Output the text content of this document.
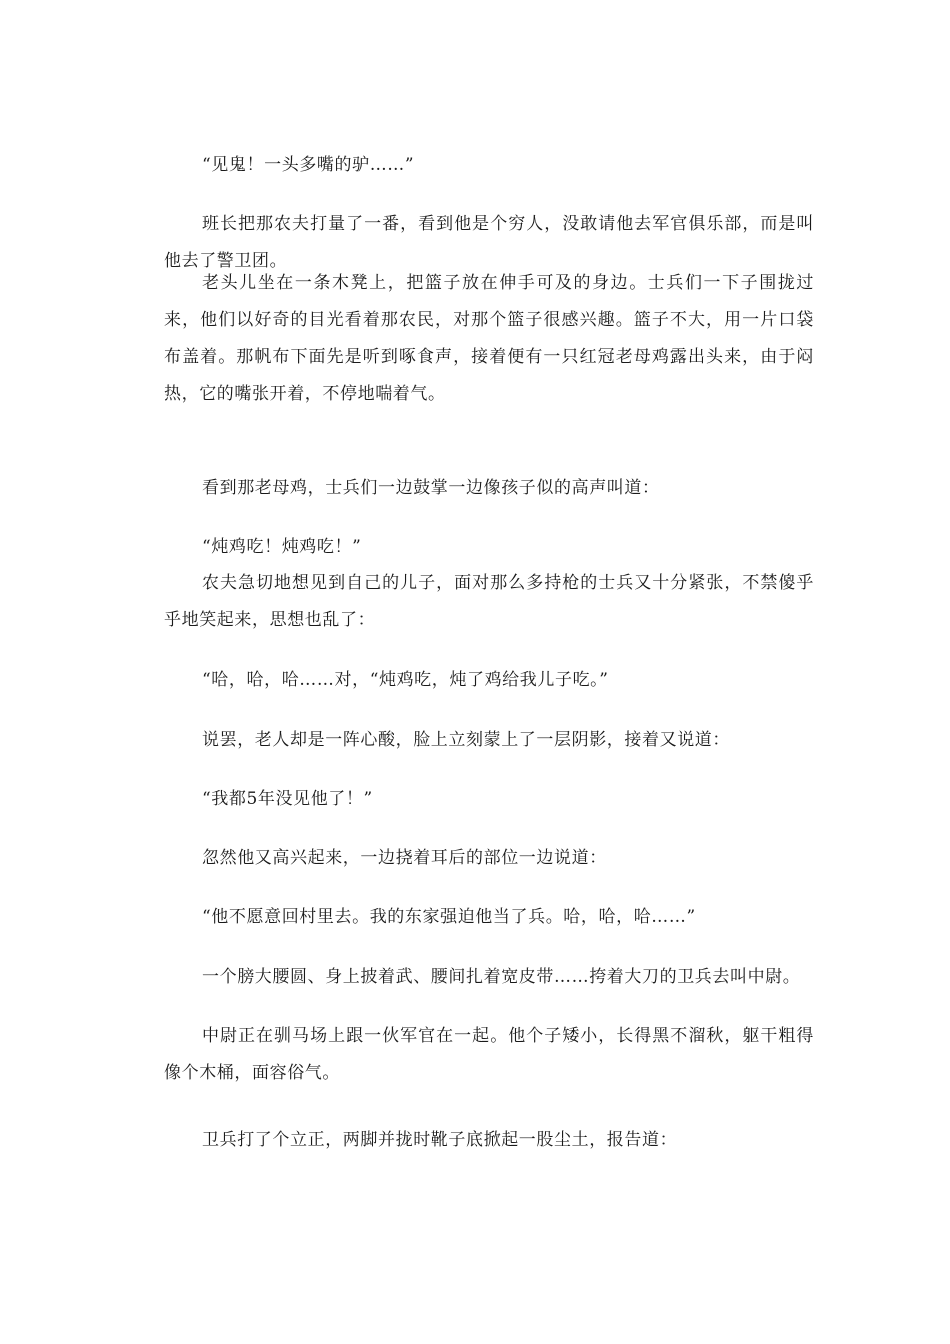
“见鬼！一头多嘴的驴……”

班长把那农夫打量了一番，看到他是个穷人，没敢请他去军官俱乐部，而是叫他去了警卫团。

老头儿坐在一条木凳上，把篮子放在伸手可及的身边。士兵们一下子围拢过来，他们以好奇的目光看着那农民，对那个篮子很感兴趣。篮子不大，用一片口袋布盖着。那帆布下面先是听到啄食声，接着便有一只红冠老母鸡露出头来，由于闷热，它的嘴张开着，不停地喘着气。

看到那老母鸡，士兵们一边鼓掌一边像孩子似的高声叫道：

“炖鸡吃！炖鸡吃！”

农夫急切地想见到自己的儿子，面对那么多持枪的士兵又十分紧张，不禁傻乎乎地笑起来，思想也乱了：

“哈，哈，哈……对，“炖鸡吃，炖了鸡给我儿子吃。”

说罢，老人却是一阵心酸，脸上立刻蒙上了一层阴影，接着又说道：

“我都5年没见他了！”

忽然他又高兴起来，一边挠着耳后的部位一边说道：

“他不愿意回村里去。我的东家强迫他当了兵。哈，哈，哈……”

一个膀大腰圆、身上披着武、腰间扎着宽皮带……挎着大刀的卫兵去叫中尉。

中尉正在驯马场上跟一伙军官在一起。他个子矮小，长得黑不溜秋，躯干粗得像个木桶，面容俗气。

卫兵打了个立正，两脚并拢时靴子底掀起一股尘土，报告道：
